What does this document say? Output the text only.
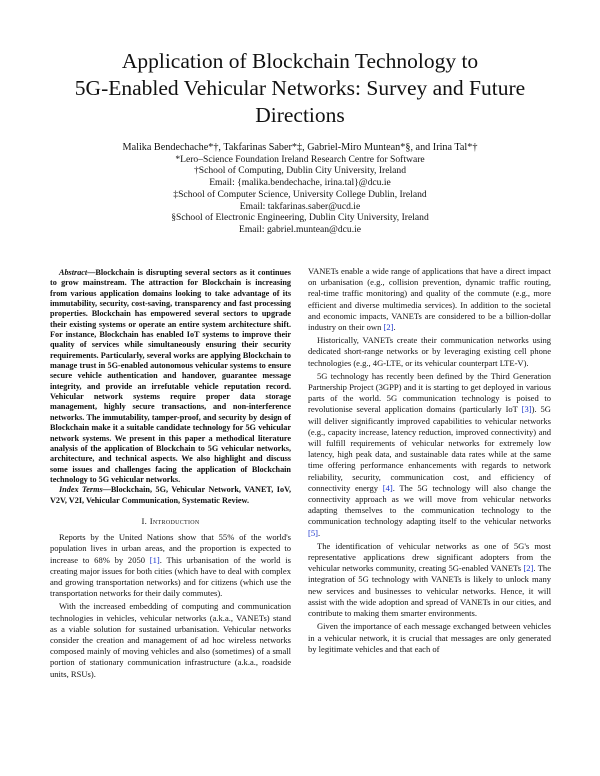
Application of Blockchain Technology to
5G-Enabled Vehicular Networks: Survey and Future
Directions
Malika Bendechache*†, Takfarinas Saber*‡, Gabriel-Miro Muntean*§, and Irina Tal*†
*Lero–Science Foundation Ireland Research Centre for Software
†School of Computing, Dublin City University, Ireland
Email: {malika.bendechache, irina.tal}@dcu.ie
‡School of Computer Science, University College Dublin, Ireland
Email: takfarinas.saber@ucd.ie
§School of Electronic Engineering, Dublin City University, Ireland
Email: gabriel.muntean@dcu.ie

Abstract—Blockchain is disrupting several sectors as it continues to grow mainstream. The attraction for Blockchain is increasing from various application domains looking to take advantage of its immutability, security, cost-saving, transparency and fast processing properties. Blockchain has empowered several sectors to upgrade their existing systems or operate an entire system architecture shift. For instance, Blockchain has enabled IoT systems to improve their quality of services while simultaneously ensuring their security requirements. Particularly, several works are applying Blockchain to manage trust in 5G-enabled autonomous vehicular systems to ensure secure vehicle authentication and handover, guarantee message integrity, and provide an irrefutable vehicle reputation record. Vehicular network systems require proper data storage management, highly secure transactions, and non-interference networks. The immutability, tamper-proof, and security by design of Blockchain make it a suitable candidate technology for 5G vehicular network systems. We present in this paper a methodical literature analysis of the application of Blockchain to 5G vehicular networks, architecture, and technical aspects. We also highlight and discuss some issues and challenges facing the application of Blockchain technology to 5G vehicular networks.

Index Terms—Blockchain, 5G, Vehicular Network, VANET, IoV, V2V, V2I, Vehicular Communication, Systematic Review.

I. Introduction

Reports by the United Nations show that 55% of the world's population lives in urban areas, and the proportion is expected to increase to 68% by 2050 [1]. This urbanisation of the world is creating major issues for both cities (which have to deal with complex and growing transportation networks) and for citizens (which use the transportation networks for their daily commutes).

With the increased embedding of computing and communication technologies in vehicles, vehicular networks (a.k.a., VANETs) stand as a viable solution for sustained urbanisation. Vehicular networks consider the creation and management of ad hoc wireless networks composed mainly of moving vehicles and also (sometimes) of a small portion of stationary communication infrastructure (a.k.a., roadside units, RSUs).

VANETs enable a wide range of applications that have a direct impact on urbanisation (e.g., collision prevention, dynamic traffic routing, real-time traffic monitoring) and quality of the commute (e.g., more efficient and diverse multimedia services). In addition to the societal and economic impacts, VANETs are considered to be a billion-dollar industry on their own [2].

Historically, VANETs create their communication networks using dedicated short-range networks or by leveraging existing cell phone technologies (e.g., 4G-LTE, or its vehicular counterpart LTE-V).

5G technology has recently been defined by the Third Generation Partnership Project (3GPP) and it is starting to get deployed in various parts of the world. 5G communication technology is poised to revolutionise several application domains (particularly IoT [3]). 5G will deliver significantly improved capabilities to vehicular networks (e.g., capacity increase, latency reduction, improved connectivity) and will fulfill requirements of vehicular networks for extremely low latency, high peak data, and sustainable data rates while at the same time offering performance enhancements with regards to network reliability, security, communication cost, and efficiency of connectivity energy [4]. The 5G technology will also change the connectivity approach as we will move from vehicular networks adapting themselves to the communication technology to the communication technology adapting itself to the vehicular networks [5].

The identification of vehicular networks as one of 5G's most representative applications drew significant adopters from the vehicular networks community, creating 5G-enabled VANETs [2]. The integration of 5G technology with VANETs is likely to unlock many new services and businesses to vehicular networks. Hence, it will assist with the wide adoption and spread of VANETs in our cities, and contribute to making them smarter environments.

Given the importance of each message exchanged between vehicles in a vehicular network, it is crucial that messages are only generated by legitimate vehicles and that each of
